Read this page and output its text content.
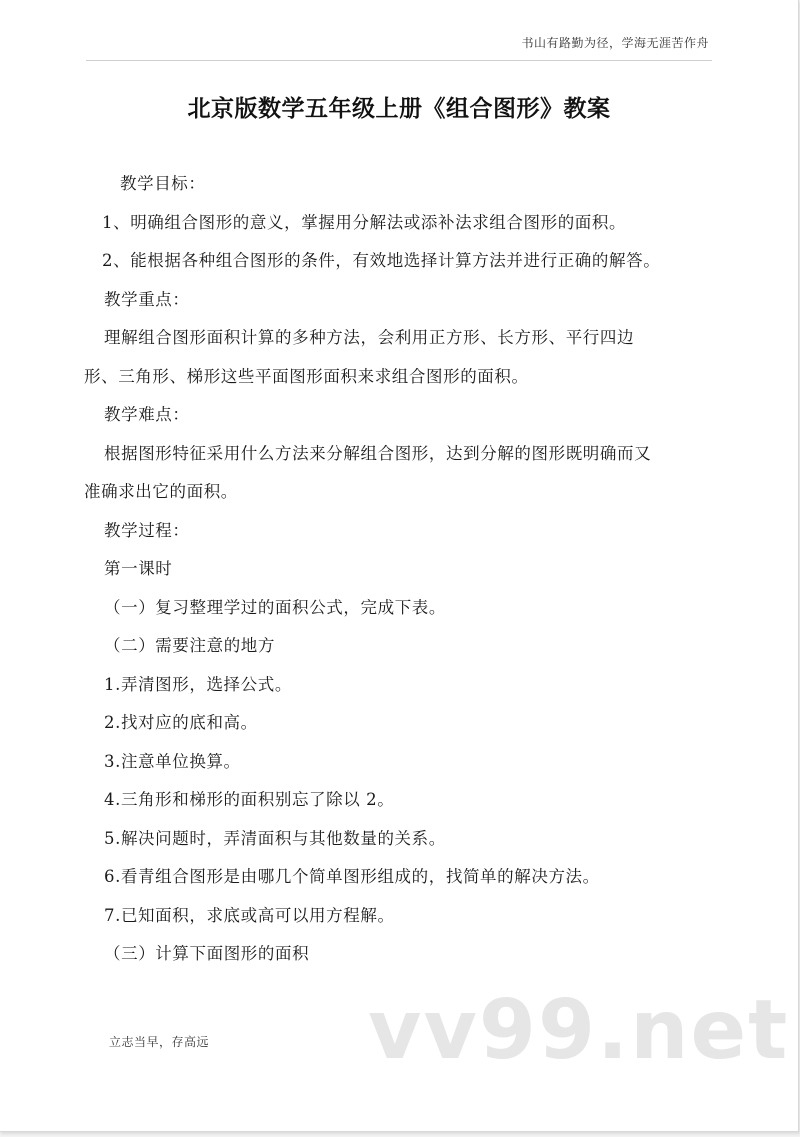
书山有路勤为径，学海无涯苦作舟
北京版数学五年级上册《组合图形》教案
教学目标：
1、明确组合图形的意义，掌握用分解法或添补法求组合图形的面积。
2、能根据各种组合图形的条件，有效地选择计算方法并进行正确的解答。
教学重点：
理解组合图形面积计算的多种方法，会利用正方形、长方形、平行四边
形、三角形、梯形这些平面图形面积来求组合图形的面积。
教学难点：
根据图形特征采用什么方法来分解组合图形，达到分解的图形既明确而又
准确求出它的面积。
教学过程：
第一课时
（一）复习整理学过的面积公式，完成下表。
（二）需要注意的地方
1.弄清图形，选择公式。
2.找对应的底和高。
3.注意单位换算。
4.三角形和梯形的面积别忘了除以 2。
5.解决问题时，弄清面积与其他数量的关系。
6.看青组合图形是由哪几个简单图形组成的，找简单的解决方法。
7.已知面积，求底或高可以用方程解。
（三）计算下面图形的面积
vv99.net
立志当早，存高远
